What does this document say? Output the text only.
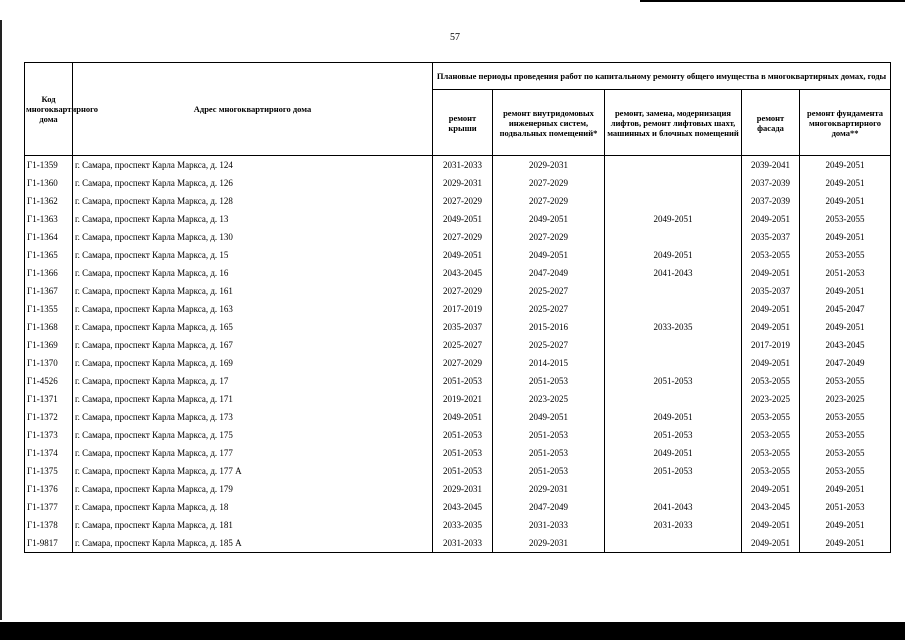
57
Код многоквартирного дома	Адрес многоквартирного дома	Плановые периоды проведения работ по капитальному ремонту общего имущества в многоквартирных домах, годы				
		ремонт крыши	ремонт внутридомовых инженерных систем, подвальных помещений*	ремонт, замена, модернизация лифтов, ремонт лифтовых шахт, машинных и блочных помещений	ремонт фасада	ремонт фундамента многоквартирного дома**
Г1-1359	г. Самара, проспект Карла Маркса, д. 124	2031-2033	2029-2031		2039-2041	2049-2051
Г1-1360	г. Самара, проспект Карла Маркса, д. 126	2029-2031	2027-2029		2037-2039	2049-2051
Г1-1362	г. Самара, проспект Карла Маркса, д. 128	2027-2029	2027-2029		2037-2039	2049-2051
Г1-1363	г. Самара, проспект Карла Маркса, д. 13	2049-2051	2049-2051	2049-2051	2049-2051	2053-2055
Г1-1364	г. Самара, проспект Карла Маркса, д. 130	2027-2029	2027-2029		2035-2037	2049-2051
Г1-1365	г. Самара, проспект Карла Маркса, д. 15	2049-2051	2049-2051	2049-2051	2053-2055	2053-2055
Г1-1366	г. Самара, проспект Карла Маркса, д. 16	2043-2045	2047-2049	2041-2043	2049-2051	2051-2053
Г1-1367	г. Самара, проспект Карла Маркса, д. 161	2027-2029	2025-2027		2035-2037	2049-2051
Г1-1355	г. Самара, проспект Карла Маркса, д. 163	2017-2019	2025-2027		2049-2051	2045-2047
Г1-1368	г. Самара, проспект Карла Маркса, д. 165	2035-2037	2015-2016	2033-2035	2049-2051	2049-2051
Г1-1369	г. Самара, проспект Карла Маркса, д. 167	2025-2027	2025-2027		2017-2019	2043-2045
Г1-1370	г. Самара, проспект Карла Маркса, д. 169	2027-2029	2014-2015		2049-2051	2047-2049
Г1-4526	г. Самара, проспект Карла Маркса, д. 17	2051-2053	2051-2053	2051-2053	2053-2055	2053-2055
Г1-1371	г. Самара, проспект Карла Маркса, д. 171	2019-2021	2023-2025		2023-2025	2023-2025
Г1-1372	г. Самара, проспект Карла Маркса, д. 173	2049-2051	2049-2051	2049-2051	2053-2055	2053-2055
Г1-1373	г. Самара, проспект Карла Маркса, д. 175	2051-2053	2051-2053	2051-2053	2053-2055	2053-2055
Г1-1374	г. Самара, проспект Карла Маркса, д. 177	2051-2053	2051-2053	2049-2051	2053-2055	2053-2055
Г1-1375	г. Самара, проспект Карла Маркса, д. 177 А	2051-2053	2051-2053	2051-2053	2053-2055	2053-2055
Г1-1376	г. Самара, проспект Карла Маркса, д. 179	2029-2031	2029-2031		2049-2051	2049-2051
Г1-1377	г. Самара, проспект Карла Маркса, д. 18	2043-2045	2047-2049	2041-2043	2043-2045	2051-2053
Г1-1378	г. Самара, проспект Карла Маркса, д. 181	2033-2035	2031-2033	2031-2033	2049-2051	2049-2051
Г1-9817	г. Самара, проспект Карла Маркса, д. 185 А	2031-2033	2029-2031		2049-2051	2049-2051
